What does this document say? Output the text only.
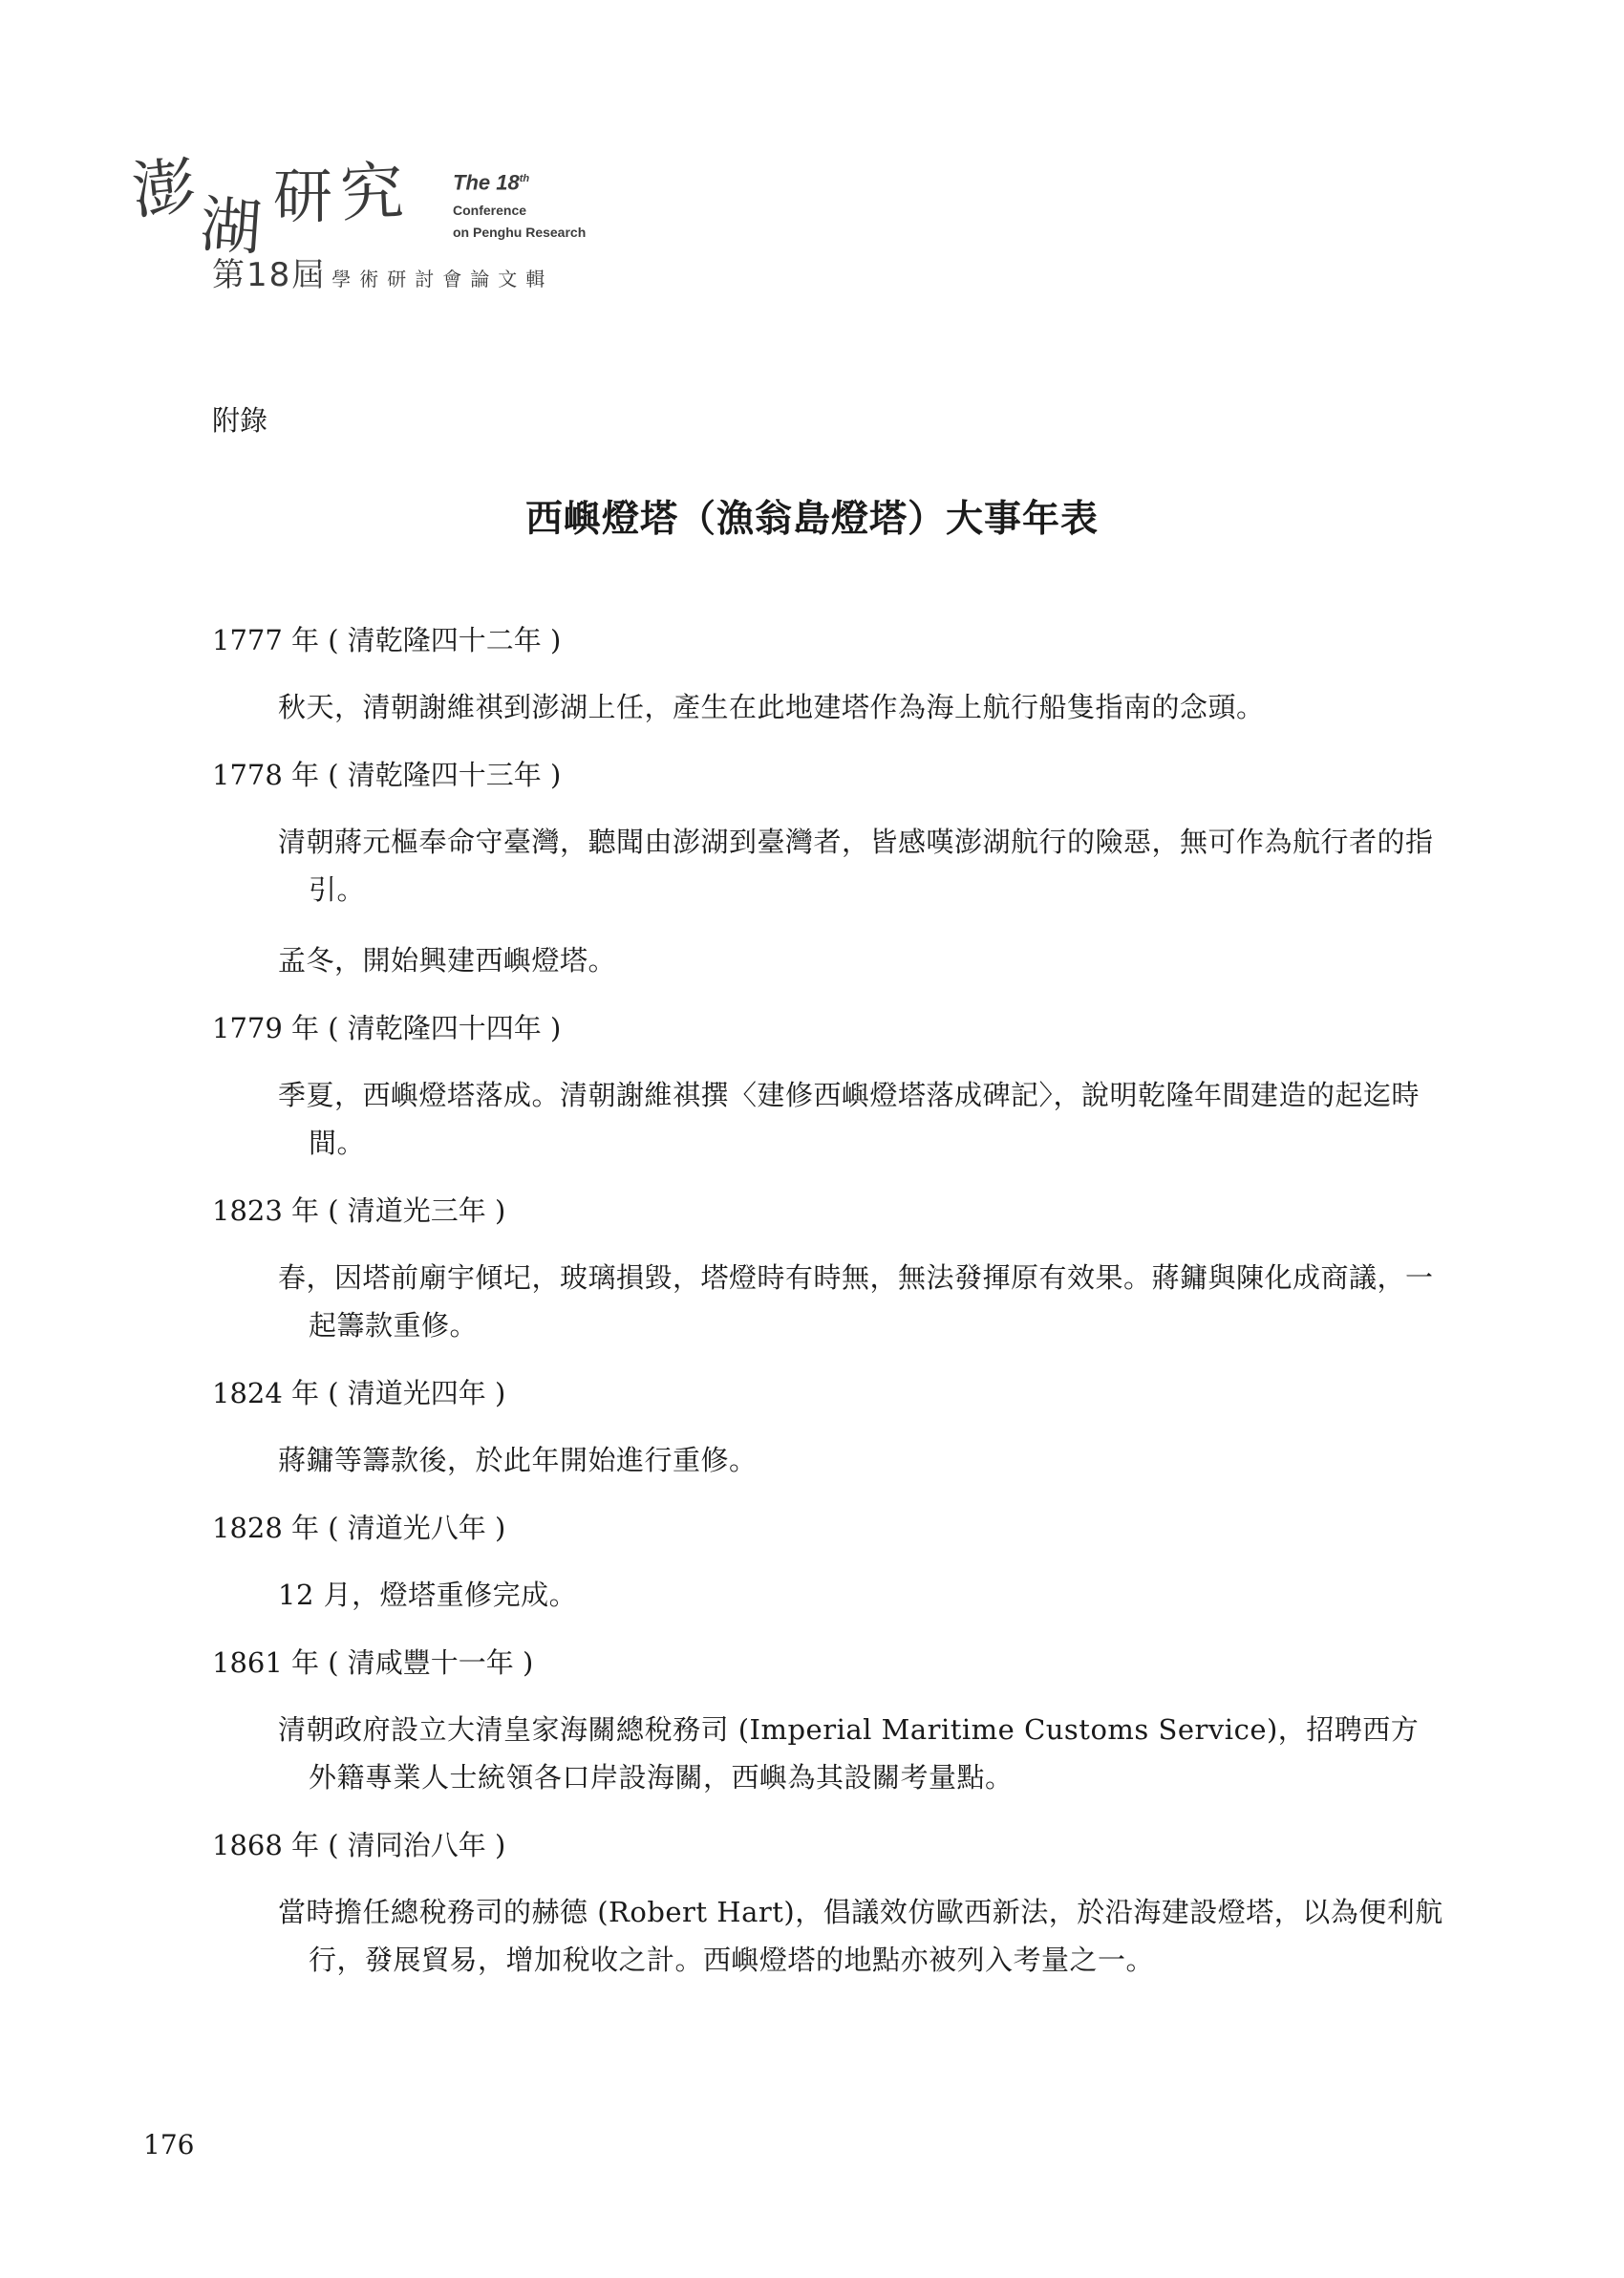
澎
湖 研 究 The 18th
Conference
on Penghu Research
第18屆 學術研討會論文輯
附錄
西嶼燈塔（漁翁島燈塔）大事年表
1777 年 ( 清乾隆四十二年 )
秋天，清朝謝維祺到澎湖上任，產生在此地建塔作為海上航行船隻指南的念頭。
1778 年 ( 清乾隆四十三年 )
清朝蔣元樞奉命守臺灣，聽聞由澎湖到臺灣者，皆感嘆澎湖航行的險惡，無可作為航行者的指引。
孟冬，開始興建西嶼燈塔。
1779 年 ( 清乾隆四十四年 )
季夏，西嶼燈塔落成。清朝謝維祺撰〈建修西嶼燈塔落成碑記〉，說明乾隆年間建造的起迄時間。
1823 年 ( 清道光三年 )
春，因塔前廟宇傾圮，玻璃損毀，塔燈時有時無，無法發揮原有效果。蔣鏞與陳化成商議，一起籌款重修。
1824 年 ( 清道光四年 )
蔣鏞等籌款後，於此年開始進行重修。
1828 年 ( 清道光八年 )
12 月，燈塔重修完成。
1861 年 ( 清咸豐十一年 )
清朝政府設立大清皇家海關總稅務司 (Imperial Maritime Customs Service)，招聘西方外籍專業人士統領各口岸設海關，西嶼為其設關考量點。
1868 年 ( 清同治八年 )
當時擔任總稅務司的赫德 (Robert Hart)，倡議效仿歐西新法，於沿海建設燈塔，以為便利航行，發展貿易，增加稅收之計。西嶼燈塔的地點亦被列入考量之一。
176
